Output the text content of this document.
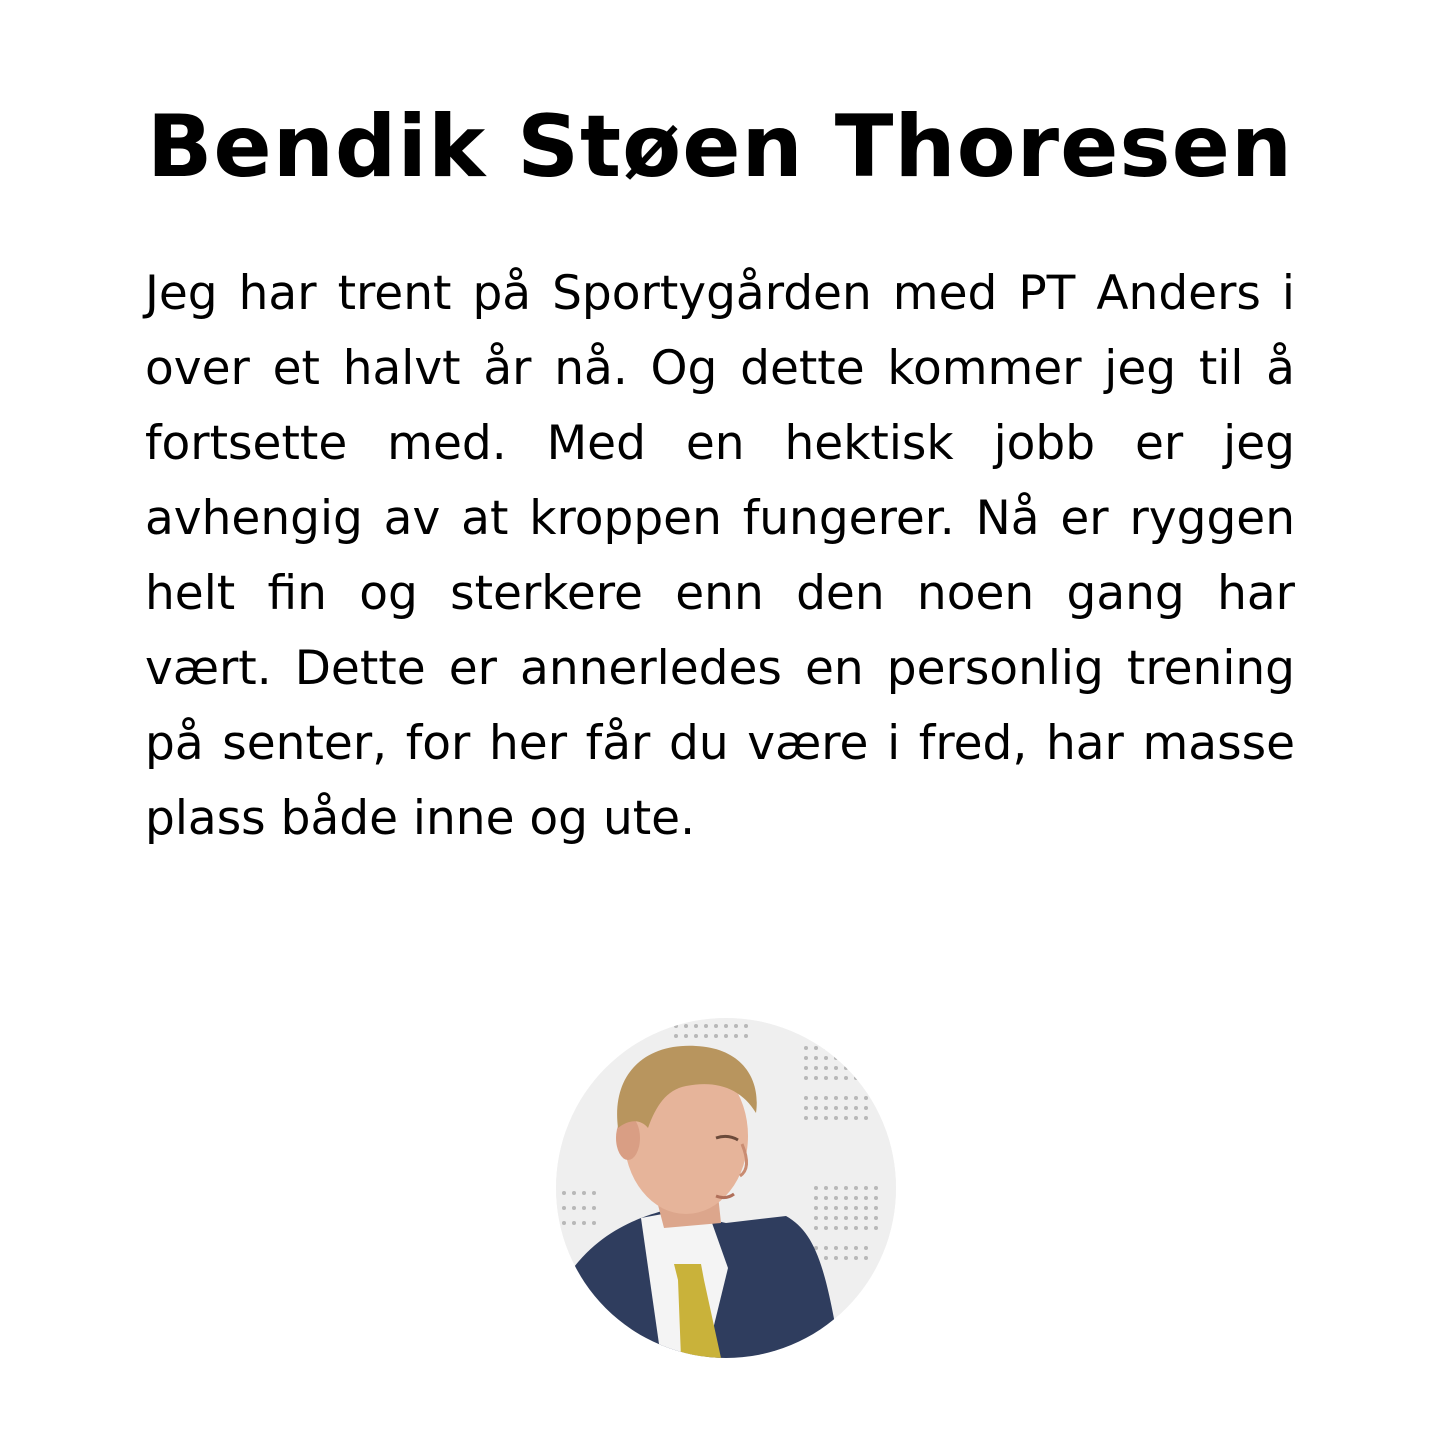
Bendik Støen Thoresen

Jeg har trent på Sportygården med PT Anders i over et halvt år nå. Og dette kommer jeg til å fortsette med. Med en hektisk jobb er jeg avhengig av at kroppen fungerer. Nå er ryggen helt fin og sterkere enn den noen gang har vært. Dette er annerledes en personlig trening på senter, for her får du være i fred, har masse plass både inne og ute.
